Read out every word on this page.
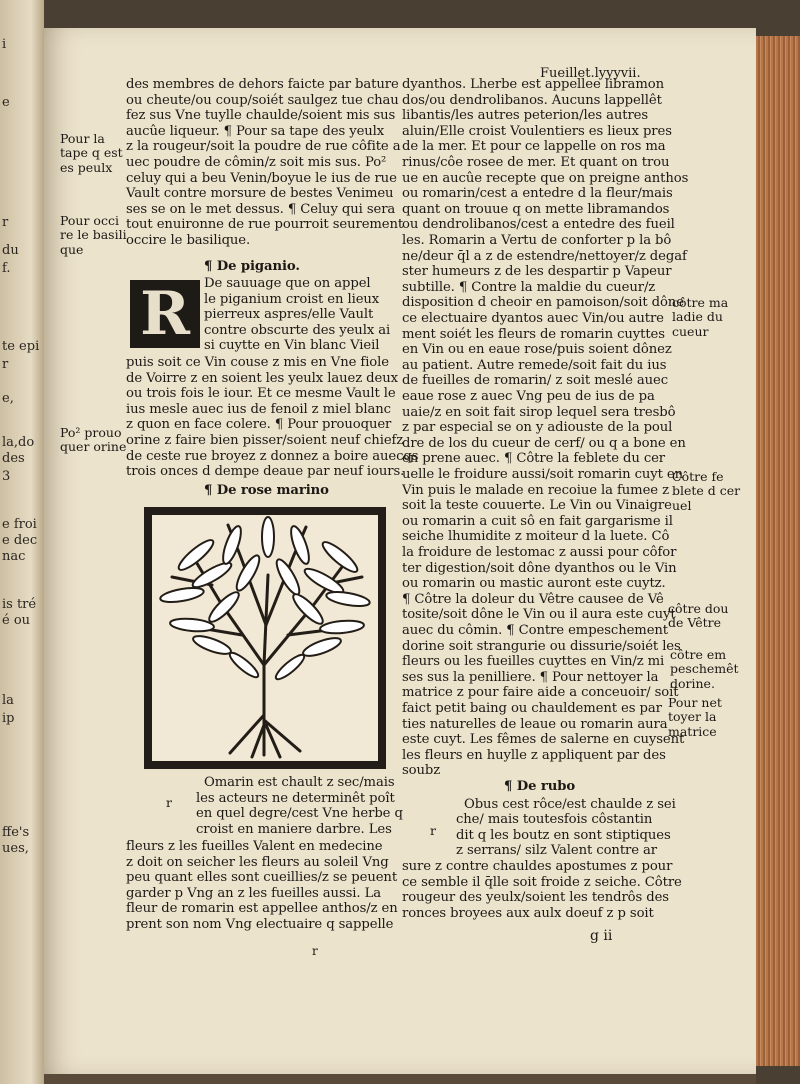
i
e
r
du
f.
te epi
r
e,
la,do
des
3
e froi
e dec
nac
is tré
é ou
la
ip
ffe's
ues,
Fueillet.lyyyvii.
des membres de dehors faicte par bature
ou cheute/ou coup/soiét saulgez tue chau
fez sus Vne tuylle chaulde/soient mis sus
aucûe liqueur. ¶ Pour sa tape des yeulx
z la rougeur/soit la poudre de rue côfite a
uec poudre de cômin/z soit mis sus. Po²
celuy qui a beu Venin/boyue le ius de rue
Vault contre morsure de bestes Venimeu
ses se on le met dessus. ¶ Celuy qui sera
tout enuironne de rue pourroit seurement
occire le basilique.
¶ De piganio.
De sauuage que on appel
le piganium croist en lieux
pierreux aspres/elle Vault
contre obscurte des yeulx ai
si cuytte en Vin blanc Vieil
puis soit ce Vin couse z mis en Vne fiole
de Voirre z en soient les yeulx lauez deux
ou trois fois le iour. Et ce mesme Vault le
ius mesle auec ius de fenoil z miel blanc
z quon en face colere. ¶ Pour prouoquer
orine z faire bien pisser/soient neuf chiefz
de ceste rue broyez z donnez a boire auecqs
trois onces d dempe deaue par neuf iours.
¶ De rose marino
Omarin est chault z sec/mais
les acteurs ne determinêt poît
en quel degre/cest Vne herbe q
croist en maniere darbre. Les
fleurs z les fueilles Valent en medecine
z doit on seicher les fleurs au soleil Vng
peu quant elles sont cueillies/z se peuent
garder p Vng an z les fueilles aussi. La
fleur de romarin est appellee anthos/z en
prent son nom Vng electuaire q sappelle
dyanthos. Lherbe est appellee libramon
dos/ou dendrolibanos. Aucuns lappellêt
libantis/les autres peterion/les autres
aluin/Elle croist Voulentiers es lieux pres
de la mer. Et pour ce lappelle on ros ma
rinus/côe rosee de mer. Et quant on trou
ue en aucûe recepte que on preigne anthos
ou romarin/cest a entedre d la fleur/mais
quant on trouue q on mette libramandos
ou dendrolibanos/cest a entedre des fueil
les. Romarin a Vertu de conforter p la bô
ne/deur q̄l a z de estendre/nettoyer/z degaf
ster humeurs z de les despartir p Vapeur
subtille. ¶ Contre la maldie du cueur/z
disposition d cheoir en pamoison/soit dône
ce electuaire dyantos auec Vin/ou autre
ment soiét les fleurs de romarin cuyttes
en Vin ou en eaue rose/puis soient dônez
au patient. Autre remede/soit fait du ius
de fueilles de romarin/ z soit meslé auec
eaue rose z auec Vng peu de ius de pa
uaie/z en soit fait sirop lequel sera tresbô
z par especial se on y adiouste de la poul
dre de los du cueur de cerf/ ou q a bone en
en prene auec. ¶ Côtre la feblete du cer
uelle le froidure aussi/soit romarin cuyt en
Vin puis le malade en recoiue la fumee z
soit la teste couuerte. Le Vin ou Vinaigre
ou romarin a cuit sô en fait gargarisme il
seiche lhumidite z moiteur d la luete. Cô
la froidure de lestomac z aussi pour côfor
ter digestion/soit dône dyanthos ou le Vin
ou romarin ou mastic auront este cuytz.
¶ Côtre la doleur du Vêtre causee de Vê
tosite/soit dône le Vin ou il aura este cuyt
auec du cômin. ¶ Contre empeschement
dorine soit strangurie ou dissurie/soiét les
fleurs ou les fueilles cuyttes en Vin/z mi
ses sus la penilliere. ¶ Pour nettoyer la
matrice z pour faire aide a conceuoir/ soit
faict petit baing ou chauldement es par
ties naturelles de leaue ou romarin aura
este cuyt. Les fêmes de salerne en cuysent
les fleurs en huylle z appliquent par des
soubz
¶ De rubo
Obus cest rôce/est chaulde z sei
che/ mais toutesfois côstantin
dit q les boutz en sont stiptiques
z serrans/ silz Valent contre ar
sure z contre chauldes apostumes z pour
ce semble il q̄lle soit froide z seiche. Côtre
rougeur des yeulx/soient les tendrôs des
ronces broyees aux aulx doeuf z p soit
R
Pour la
tape q est
es peulx
Pour occi
re le basili
que
Po² prouo
quer orine
r
r
côtre ma
ladie du
cueur
Côtre fe
blete d cer
uel
côtre dou
de Vêtre
côtre em
peschemêt
dorine.
Pour net
toyer la
matrice
g ii
r
